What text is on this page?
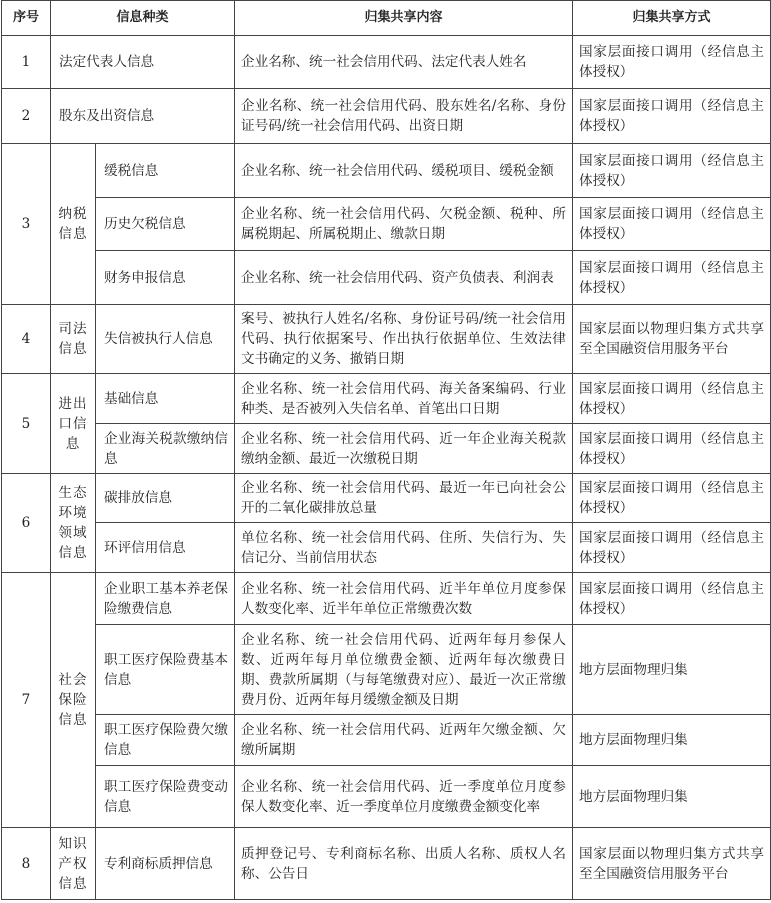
序号	信息种类		归集共享内容	归集共享方式
1	法定代表人信息		企业名称、统一社会信用代码、法定代表人姓名	国家层面接口调用（经信息主体授权）
2	股东及出资信息		企业名称、统一社会信用代码、股东姓名/名称、身份证号码/统一社会信用代码、出资日期	国家层面接口调用（经信息主体授权）
3	纳税信息	缓税信息	企业名称、统一社会信用代码、缓税项目、缓税金额	国家层面接口调用（经信息主体授权）
		历史欠税信息	企业名称、统一社会信用代码、欠税金额、税种、所属税期起、所属税期止、缴款日期	国家层面接口调用（经信息主体授权）
		财务申报信息	企业名称、统一社会信用代码、资产负债表、利润表	国家层面接口调用（经信息主体授权）
4	司法信息	失信被执行人信息	案号、被执行人姓名/名称、身份证号码/统一社会信用代码、执行依据案号、作出执行依据单位、生效法律文书确定的义务、撤销日期	国家层面以物理归集方式共享至全国融资信用服务平台
5	进出口信息	基础信息	企业名称、统一社会信用代码、海关备案编码、行业种类、是否被列入失信名单、首笔出口日期	国家层面接口调用（经信息主体授权）
		企业海关税款缴纳信息	企业名称、统一社会信用代码、近一年企业海关税款缴纳金额、最近一次缴税日期	国家层面接口调用（经信息主体授权）
6	生态环境领域信息	碳排放信息	企业名称、统一社会信用代码、最近一年已向社会公开的二氧化碳排放总量	国家层面接口调用（经信息主体授权）
		环评信用信息	单位名称、统一社会信用代码、住所、失信行为、失信记分、当前信用状态	国家层面接口调用（经信息主体授权）
7	社会保险信息	企业职工基本养老保险缴费信息	企业名称、统一社会信用代码、近半年单位月度参保人数变化率、近半年单位正常缴费次数	国家层面接口调用（经信息主体授权）
		职工医疗保险费基本信息	企业名称、统一社会信用代码、近两年每月参保人数、近两年每月单位缴费金额、近两年每次缴费日期、费款所属期（与每笔缴费对应）、最近一次正常缴费月份、近两年每月缓缴金额及日期	地方层面物理归集
		职工医疗保险费欠缴信息	企业名称、统一社会信用代码、近两年欠缴金额、欠缴所属期	地方层面物理归集
		职工医疗保险费变动信息	企业名称、统一社会信用代码、近一季度单位月度参保人数变化率、近一季度单位月度缴费金额变化率	地方层面物理归集
8	知识产权信息	专利商标质押信息	质押登记号、专利商标名称、出质人名称、质权人名称、公告日	国家层面以物理归集方式共享至全国融资信用服务平台
